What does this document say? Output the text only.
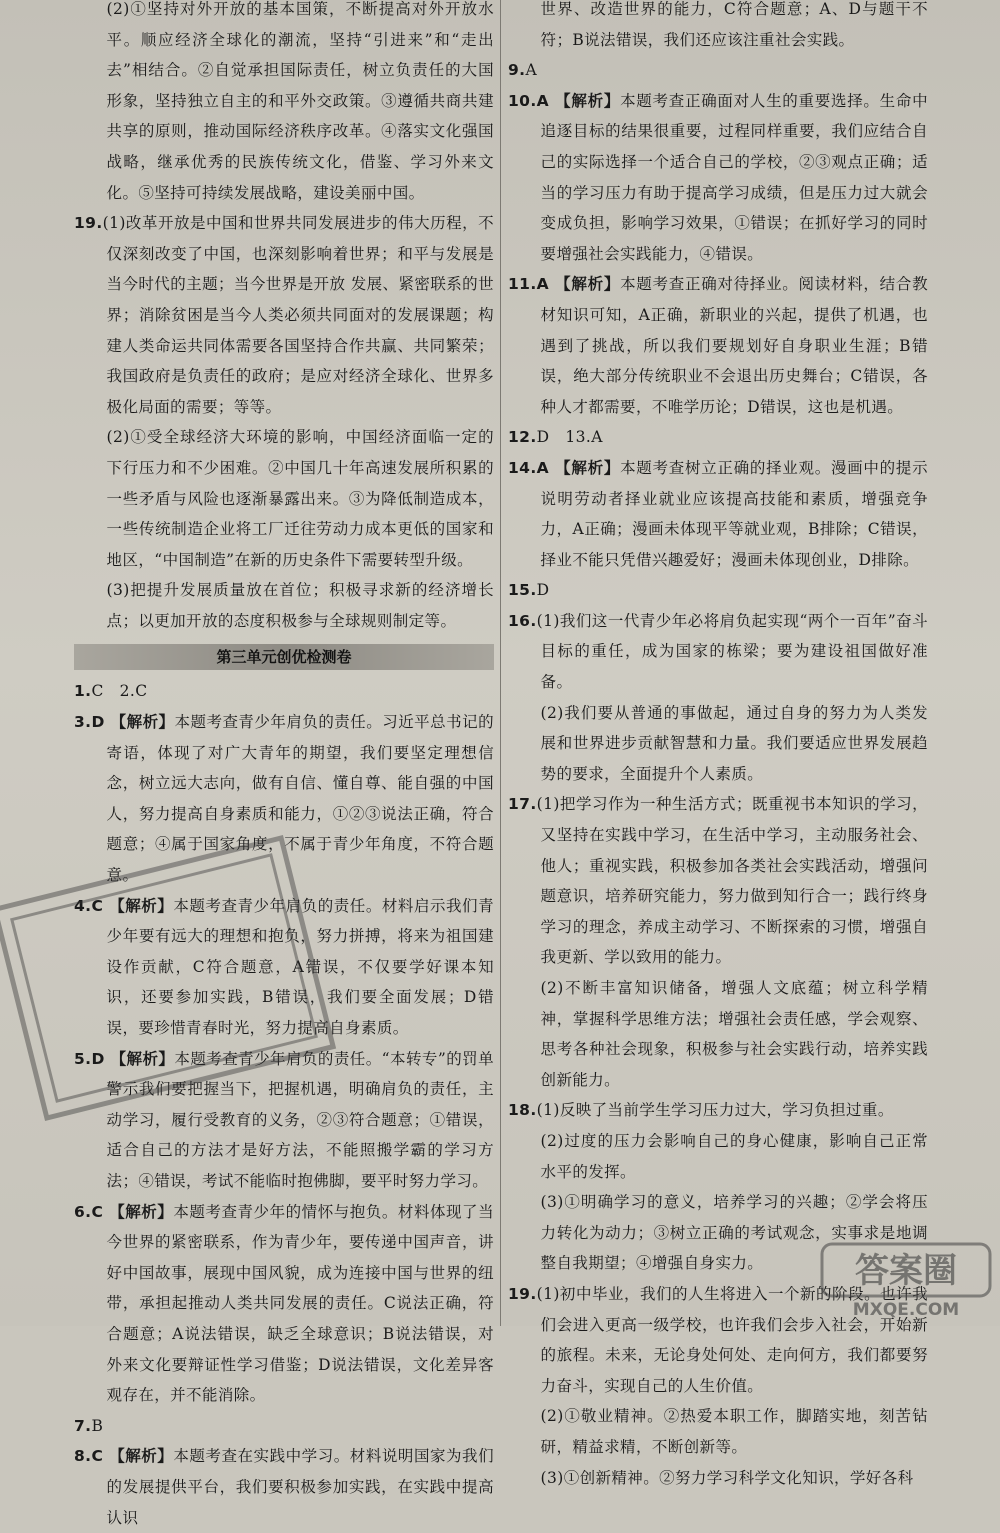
(2)①坚持对外开放的基本国策，不断提高对外开放水平。顺应经济全球化的潮流，坚持“引进来”和“走出去”相结合。②自觉承担国际责任，树立负责任的大国形象，坚持独立自主的和平外交政策。③遵循共商共建共享的原则，推动国际经济秩序改革。④落实文化强国战略，继承优秀的民族传统文化，借鉴、学习外来文化。⑤坚持可持续发展战略，建设美丽中国。

19.(1)改革开放是中国和世界共同发展进步的伟大历程，不仅深刻改变了中国，也深刻影响着世界；和平与发展是当今时代的主题；当今世界是开放 发展、紧密联系的世界；消除贫困是当今人类必须共同面对的发展课题；构建人类命运共同体需要各国坚持合作共赢、共同繁荣；我国政府是负责任的政府；是应对经济全球化、世界多极化局面的需要；等等。

(2)①受全球经济大环境的影响，中国经济面临一定的下行压力和不少困难。②中国几十年高速发展所积累的一些矛盾与风险也逐渐暴露出来。③为降低制造成本，一些传统制造企业将工厂迁往劳动力成本更低的国家和地区，“中国制造”在新的历史条件下需要转型升级。

(3)把提升发展质量放在首位；积极寻求新的经济增长点；以更加开放的态度积极参与全球规则制定等。

第三单元创优检测卷

1.C　2.C

3.D 【解析】本题考查青少年肩负的责任。习近平总书记的寄语，体现了对广大青年的期望，我们要坚定理想信念，树立远大志向，做有自信、懂自尊、能自强的中国人，努力提高自身素质和能力，①②③说法正确，符合题意；④属于国家角度，不属于青少年角度，不符合题意。

4.C 【解析】本题考查青少年肩负的责任。材料启示我们青少年要有远大的理想和抱负，努力拼搏，将来为祖国建设作贡献，C符合题意，A错误，不仅要学好课本知识，还要参加实践，B错误，我们要全面发展；D错误，要珍惜青春时光，努力提高自身素质。

5.D 【解析】本题考查青少年肩负的责任。“本转专”的罚单警示我们要把握当下，把握机遇，明确肩负的责任，主动学习，履行受教育的义务，②③符合题意；①错误，适合自己的方法才是好方法，不能照搬学霸的学习方法；④错误，考试不能临时抱佛脚，要平时努力学习。

6.C 【解析】本题考查青少年的情怀与抱负。材料体现了当今世界的紧密联系，作为青少年，要传递中国声音，讲好中国故事，展现中国风貌，成为连接中国与世界的纽带，承担起推动人类共同发展的责任。C说法正确，符合题意；A说法错误，缺乏全球意识；B说法错误，对外来文化要辩证性学习借鉴；D说法错误，文化差异客观存在，并不能消除。

7.B

8.C 【解析】本题考查在实践中学习。材料说明国家为我们的发展提供平台，我们要积极参加实践，在实践中提高认识

世界、改造世界的能力，C符合题意；A、D与题干不符；B说法错误，我们还应该注重社会实践。

9.A

10.A 【解析】本题考查正确面对人生的重要选择。生命中追逐目标的结果很重要，过程同样重要，我们应结合自己的实际选择一个适合自己的学校，②③观点正确；适当的学习压力有助于提高学习成绩，但是压力过大就会变成负担，影响学习效果，①错误；在抓好学习的同时要增强社会实践能力，④错误。

11.A 【解析】本题考查正确对待择业。阅读材料，结合教材知识可知，A正确，新职业的兴起，提供了机遇，也遇到了挑战，所以我们要规划好自身职业生涯；B错误，绝大部分传统职业不会退出历史舞台；C错误，各种人才都需要，不唯学历论；D错误，这也是机遇。

12.D　13.A

14.A 【解析】本题考查树立正确的择业观。漫画中的提示说明劳动者择业就业应该提高技能和素质，增强竞争力，A正确；漫画未体现平等就业观，B排除；C错误，择业不能只凭借兴趣爱好；漫画未体现创业，D排除。

15.D

16.(1)我们这一代青少年必将肩负起实现“两个一百年”奋斗目标的重任，成为国家的栋梁；要为建设祖国做好准备。

(2)我们要从普通的事做起，通过自身的努力为人类发展和世界进步贡献智慧和力量。我们要适应世界发展趋势的要求，全面提升个人素质。

17.(1)把学习作为一种生活方式；既重视书本知识的学习，又坚持在实践中学习，在生活中学习，主动服务社会、他人；重视实践，积极参加各类社会实践活动，增强问题意识，培养研究能力，努力做到知行合一；践行终身学习的理念，养成主动学习、不断探索的习惯，增强自我更新、学以致用的能力。

(2)不断丰富知识储备，增强人文底蕴；树立科学精神，掌握科学思维方法；增强社会责任感，学会观察、思考各种社会现象，积极参与社会实践行动，培养实践创新能力。

18.(1)反映了当前学生学习压力过大，学习负担过重。

(2)过度的压力会影响自己的身心健康，影响自己正常水平的发挥。

(3)①明确学习的意义，培养学习的兴趣；②学会将压力转化为动力；③树立正确的考试观念，实事求是地调整自我期望；④增强自身实力。

19.(1)初中毕业，我们的人生将进入一个新的阶段。也许我们会进入更高一级学校，也许我们会步入社会，开始新的旅程。未来，无论身处何处、走向何方，我们都要努力奋斗，实现自己的人生价值。

(2)①敬业精神。②热爱本职工作，脚踏实地，刻苦钻研，精益求精，不断创新等。

(3)①创新精神。②努力学习科学文化知识，学好各科

答案圈
MXQE.COM
